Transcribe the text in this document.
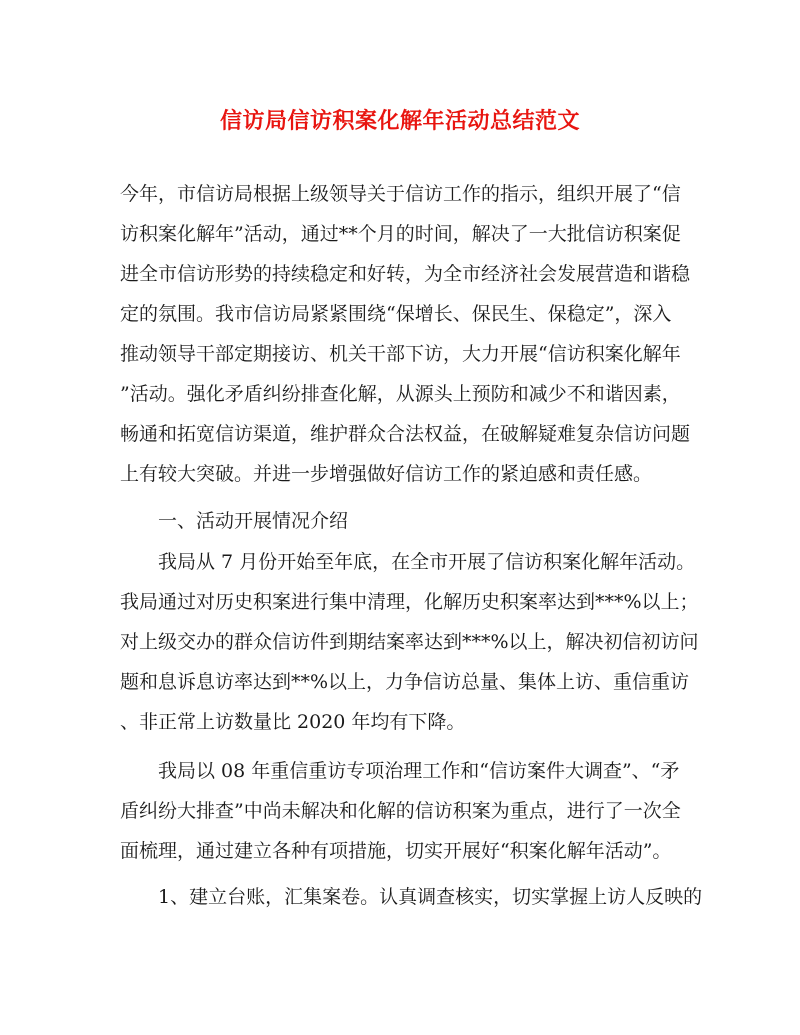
信访局信访积案化解年活动总结范文
今年，市信访局根据上级领导关于信访工作的指示，组织开展了“信
访积案化解年”活动，通过**个月的时间，解决了一大批信访积案促
进全市信访形势的持续稳定和好转，为全市经济社会发展营造和谐稳
定的氛围。我市信访局紧紧围绕“保增长、保民生、保稳定”，深入
推动领导干部定期接访、机关干部下访，大力开展“信访积案化解年
”活动。强化矛盾纠纷排查化解，从源头上预防和减少不和谐因素，
畅通和拓宽信访渠道，维护群众合法权益，在破解疑难复杂信访问题
上有较大突破。并进一步增强做好信访工作的紧迫感和责任感。
一、活动开展情况介绍
我局从 7 月份开始至年底，在全市开展了信访积案化解年活动。
我局通过对历史积案进行集中清理，化解历史积案率达到***%以上；
对上级交办的群众信访件到期结案率达到***%以上，解决初信初访问
题和息诉息访率达到**%以上，力争信访总量、集体上访、重信重访
、非正常上访数量比 2020 年均有下降。
我局以 08 年重信重访专项治理工作和“信访案件大调查”、“矛
盾纠纷大排查”中尚未解决和化解的信访积案为重点，进行了一次全
面梳理，通过建立各种有项措施，切实开展好“积案化解年活动”。
1、建立台账，汇集案卷。认真调查核实，切实掌握上访人反映的
